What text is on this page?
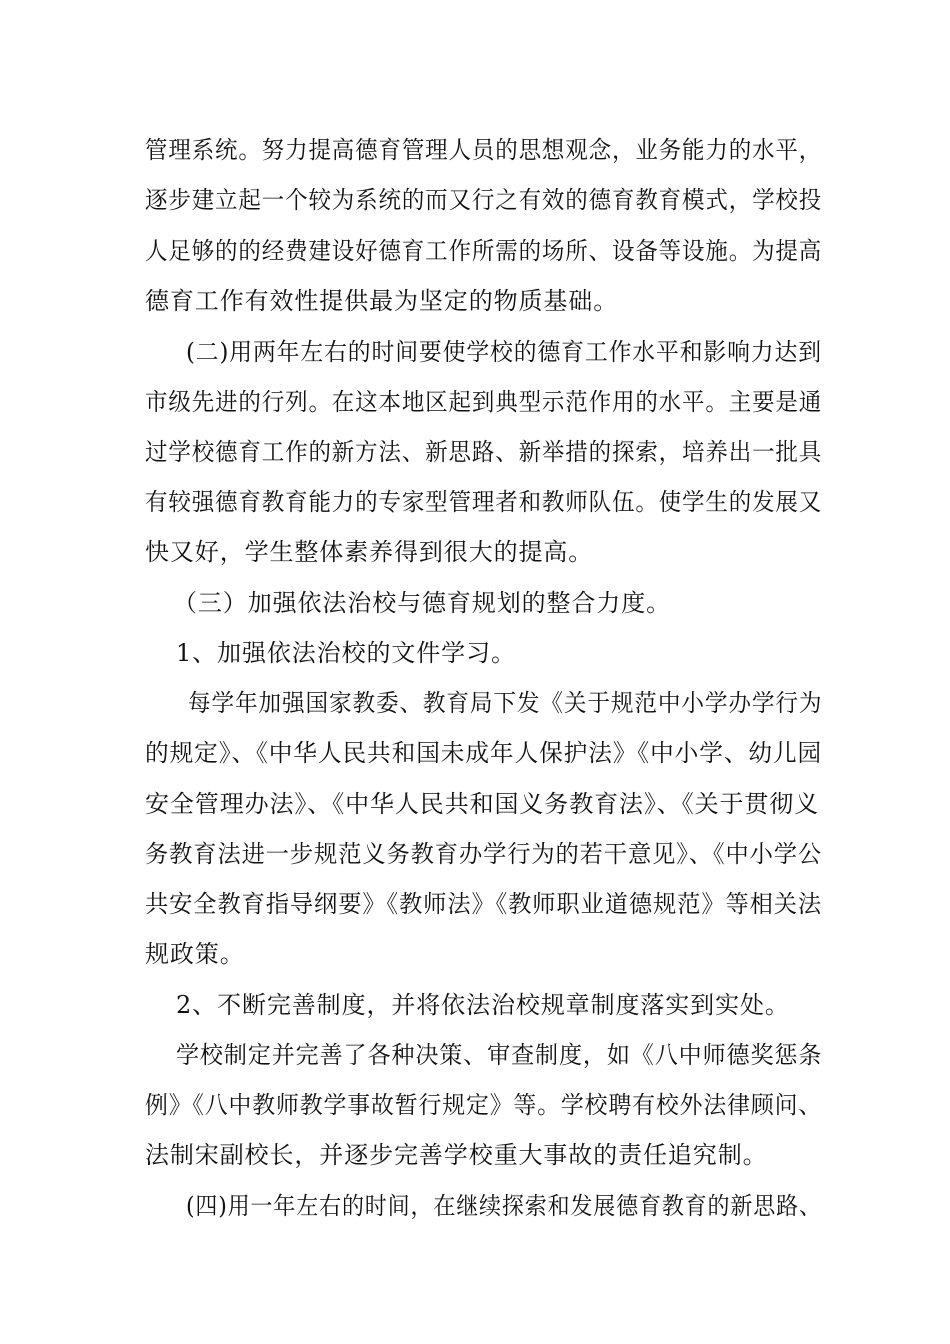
管理系统。努力提高德育管理人员的思想观念，业务能力的水平，
逐步建立起一个较为系统的而又行之有效的德育教育模式，学校投
人足够的的经费建设好德育工作所需的场所、设备等设施。为提高
德育工作有效性提供最为坚定的物质基础。
(二)用两年左右的时间要使学校的德育工作水平和影响力达到
市级先进的行列。在这本地区起到典型示范作用的水平。主要是通
过学校德育工作的新方法、新思路、新举措的探索，培养出一批具
有较强德育教育能力的专家型管理者和教师队伍。使学生的发展又
快又好，学生整体素养得到很大的提高。
（三）加强依法治校与德育规划的整合力度。
1、加强依法治校的文件学习。
每学年加强国家教委、教育局下发《关于规范中小学办学行为
的规定》、《中华人民共和国未成年人保护法》《中小学、幼儿园
安全管理办法》、《中华人民共和国义务教育法》、《关于贯彻义
务教育法进一步规范义务教育办学行为的若干意见》、《中小学公
共安全教育指导纲要》《教师法》《教师职业道德规范》等相关法
规政策。
2、不断完善制度，并将依法治校规章制度落实到实处。
学校制定并完善了各种决策、审查制度，如《八中师德奖惩条
例》《八中教师教学事故暂行规定》等。学校聘有校外法律顾问、
法制宋副校长，并逐步完善学校重大事故的责任追究制。
(四)用一年左右的时间，在继续探索和发展德育教育的新思路、
